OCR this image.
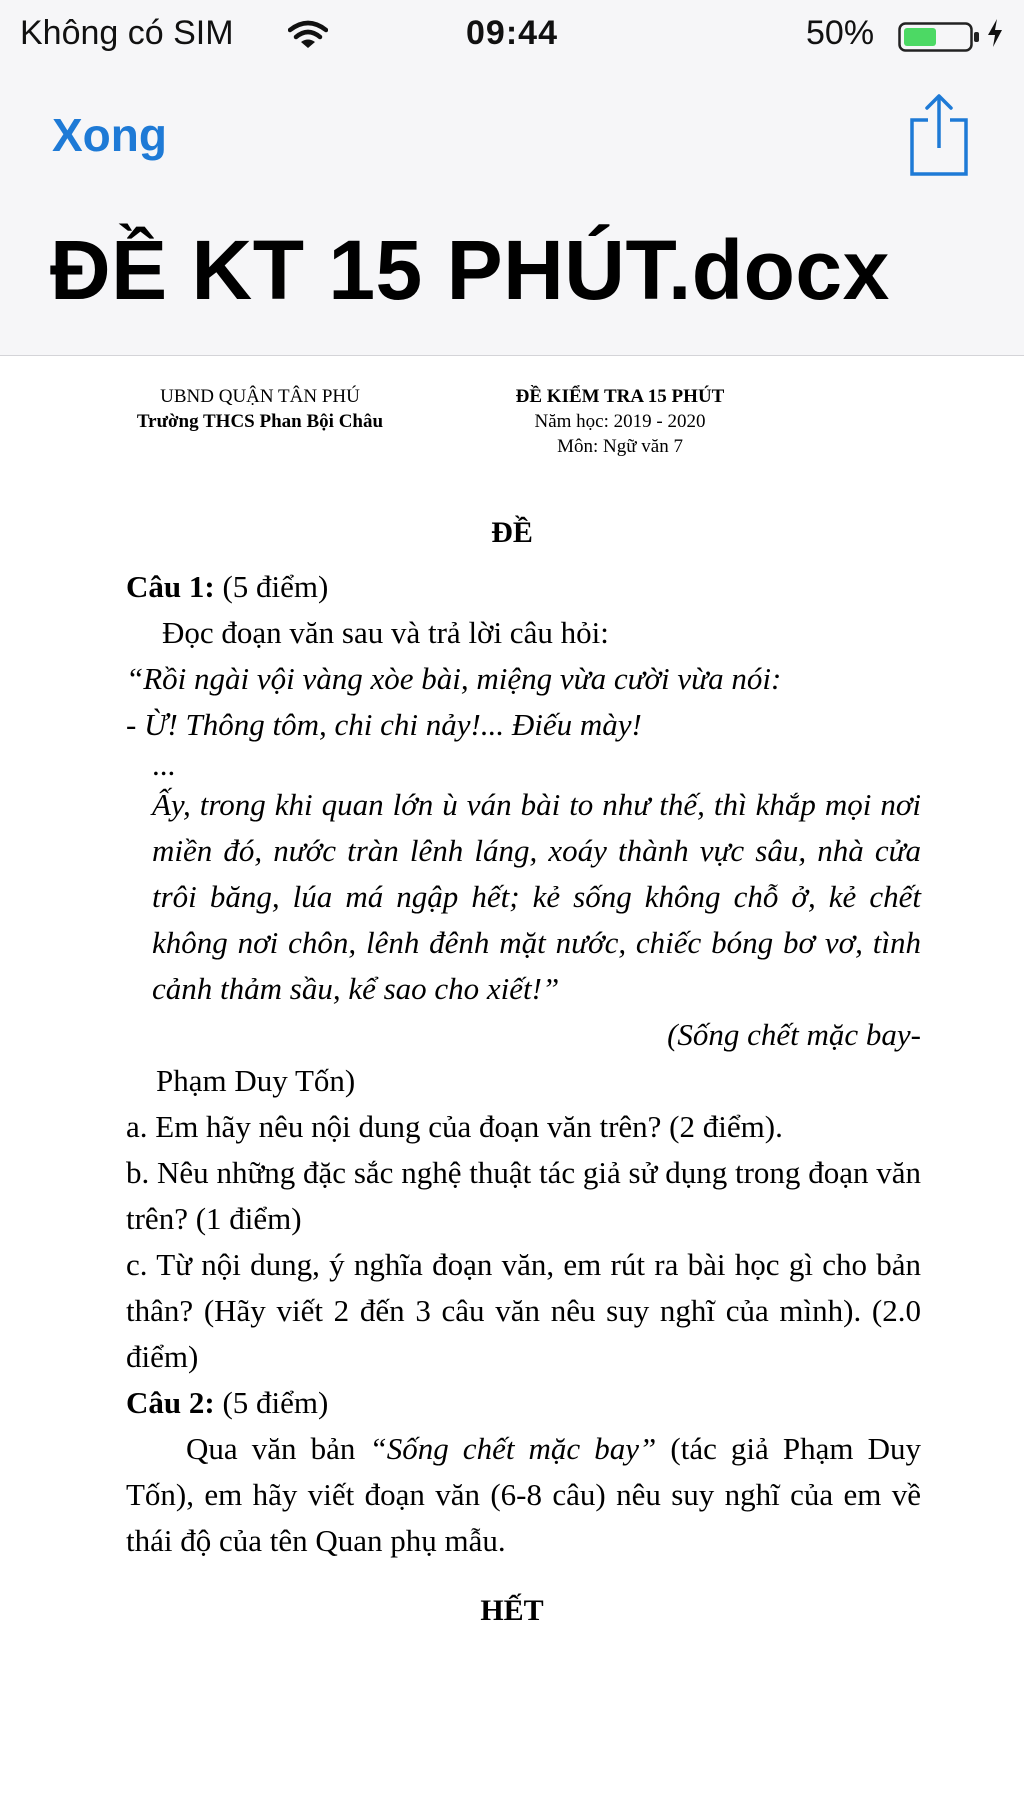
Không có SIM	09:44	50%
Xong
ĐỀ KT 15 PHÚT.docx
UBND QUẬN TÂN PHÚ
Trường THCS Phan Bội Châu
ĐỀ KIỂM TRA 15 PHÚT
Năm học: 2019 - 2020
Môn: Ngữ văn 7
ĐỀ

Câu 1: (5 điểm)

Đọc đoạn văn sau và trả lời câu hỏi:

“Rồi ngài vội vàng xòe bài, miệng vừa cười vừa nói:

- Ừ! Thông tôm, chi chi nảy!... Điếu mày!

...

Ấy, trong khi quan lớn ù ván bài to như thế, thì khắp mọi nơi miền đó, nước tràn lênh láng, xoáy thành vực sâu, nhà cửa trôi băng, lúa má ngập hết; kẻ sống không chỗ ở, kẻ chết không nơi chôn, lênh đênh mặt nước, chiếc bóng bơ vơ, tình cảnh thảm sầu, kể sao cho xiết!”

(Sống chết mặc bay-

Phạm Duy Tốn)

a. Em hãy nêu nội dung của đoạn văn trên? (2 điểm).

b. Nêu những đặc sắc nghệ thuật tác giả sử dụng trong đoạn văn trên? (1 điểm)

c. Từ nội dung, ý nghĩa đoạn văn, em rút ra bài học gì cho bản thân? (Hãy viết 2 đến 3 câu văn nêu suy nghĩ của mình). (2.0 điểm)

Câu 2: (5 điểm)

Qua văn bản “Sống chết mặc bay” (tác giả Phạm Duy Tốn), em hãy viết đoạn văn (6-8 câu) nêu suy nghĩ của em về thái độ của tên Quan phụ mẫu.

HẾT
